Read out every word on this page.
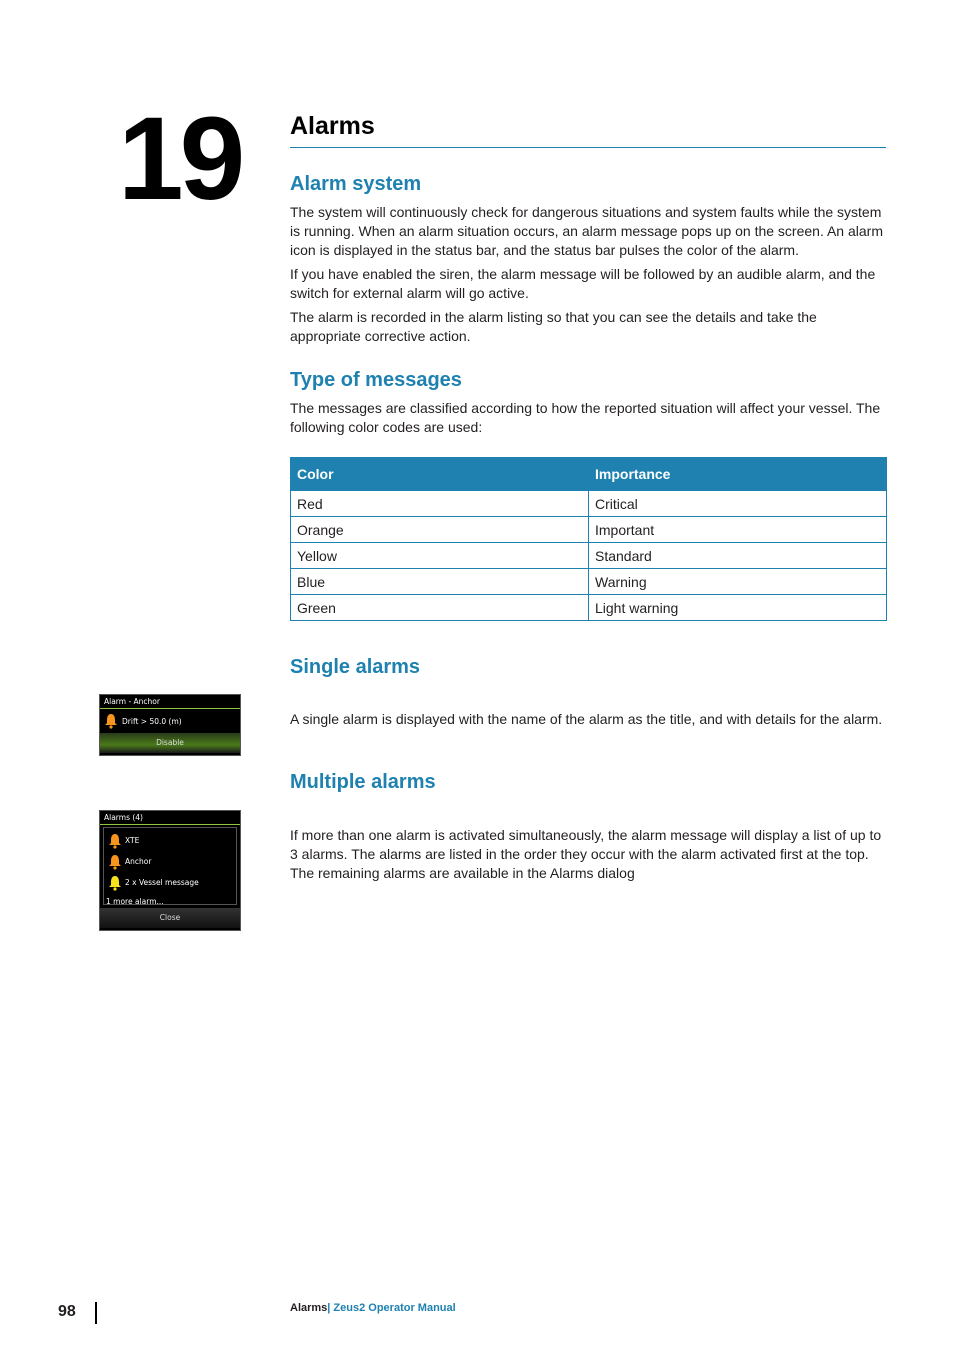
19 Alarms
Alarm system

The system will continuously check for dangerous situations and system faults while the system is running. When an alarm situation occurs, an alarm message pops up on the screen. An alarm icon is displayed in the status bar, and the status bar pulses the color of the alarm.

If you have enabled the siren, the alarm message will be followed by an audible alarm, and the switch for external alarm will go active.

The alarm is recorded in the alarm listing so that you can see the details and take the appropriate corrective action.

Type of messages

The messages are classified according to how the reported situation will affect your vessel. The following color codes are used:

Color	Importance
Red	Critical
Orange	Important
Yellow	Standard
Blue	Warning
Green	Light warning
Single alarms

A single alarm is displayed with the name of the alarm as the title, and with details for the alarm.

Alarm - Anchor
Drift > 50.0 (m)
Disable
Multiple alarms

If more than one alarm is activated simultaneously, the alarm message will display a list of up to 3 alarms. The alarms are listed in the order they occur with the alarm activated first at the top. The remaining alarms are available in the Alarms dialog

Alarms (4)
XTE
Anchor
2 x Vessel message
1 more alarm...
Close
98	Alarms| Zeus2 Operator Manual
